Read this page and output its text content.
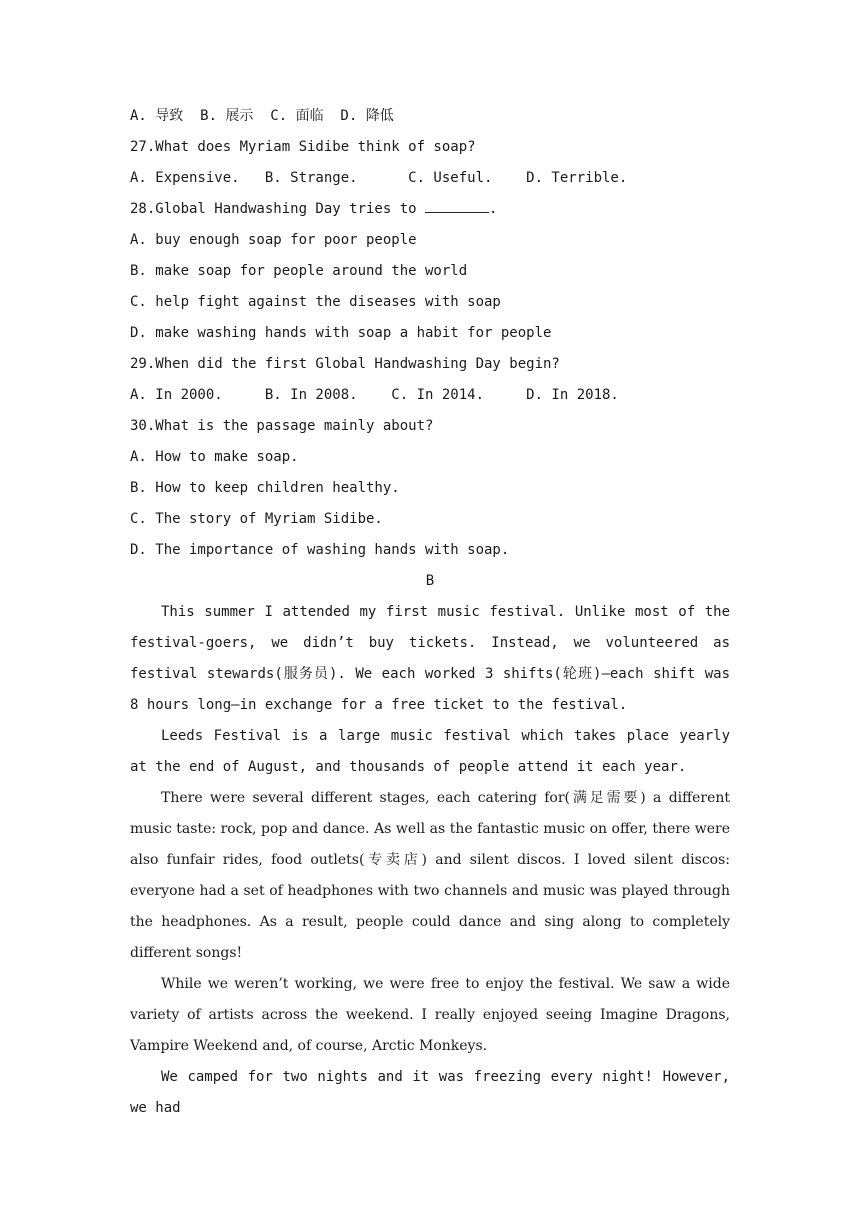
A. 导致  B. 展示  C. 面临  D. 降低
27.What does Myriam Sidibe think of soap?
A. Expensive.   B. Strange.      C. Useful.    D. Terrible.
28.Global Handwashing Day tries to	.
A. buy enough soap for poor people
B. make soap for people around the world
C. help fight against the diseases with soap
D. make washing hands with soap a habit for people
29.When did the first Global Handwashing Day begin?
A. In 2000.     B. In 2008.    C. In 2014.     D. In 2018.
30.What is the passage mainly about?
A. How to make soap.
B. How to keep children healthy.
C. The story of Myriam Sidibe.
D. The importance of washing hands with soap.
B

This summer I attended my first music festival. Unlike most of the festival-goers, we didn’t buy tickets. Instead, we volunteered as festival stewards(服务员). We each worked 3 shifts(轮班)—each shift was 8 hours long—in exchange for a free ticket to the festival.

Leeds Festival is a large music festival which takes place yearly at the end of August, and thousands of people attend it each year.

There were several different stages, each catering for(满足需要) a different music taste: rock, pop and dance. As well as the fantastic music on offer, there were also funfair rides, food outlets(专卖店) and silent discos. I loved silent discos: everyone had a set of headphones with two channels and music was played through the headphones. As a result, people could dance and sing along to completely different songs!

While we weren’t working, we were free to enjoy the festival. We saw a wide variety of artists across the weekend. I really enjoyed seeing Imagine Dragons, Vampire Weekend and, of course, Arctic Monkeys.

We camped for two nights and it was freezing every night! However, we had
